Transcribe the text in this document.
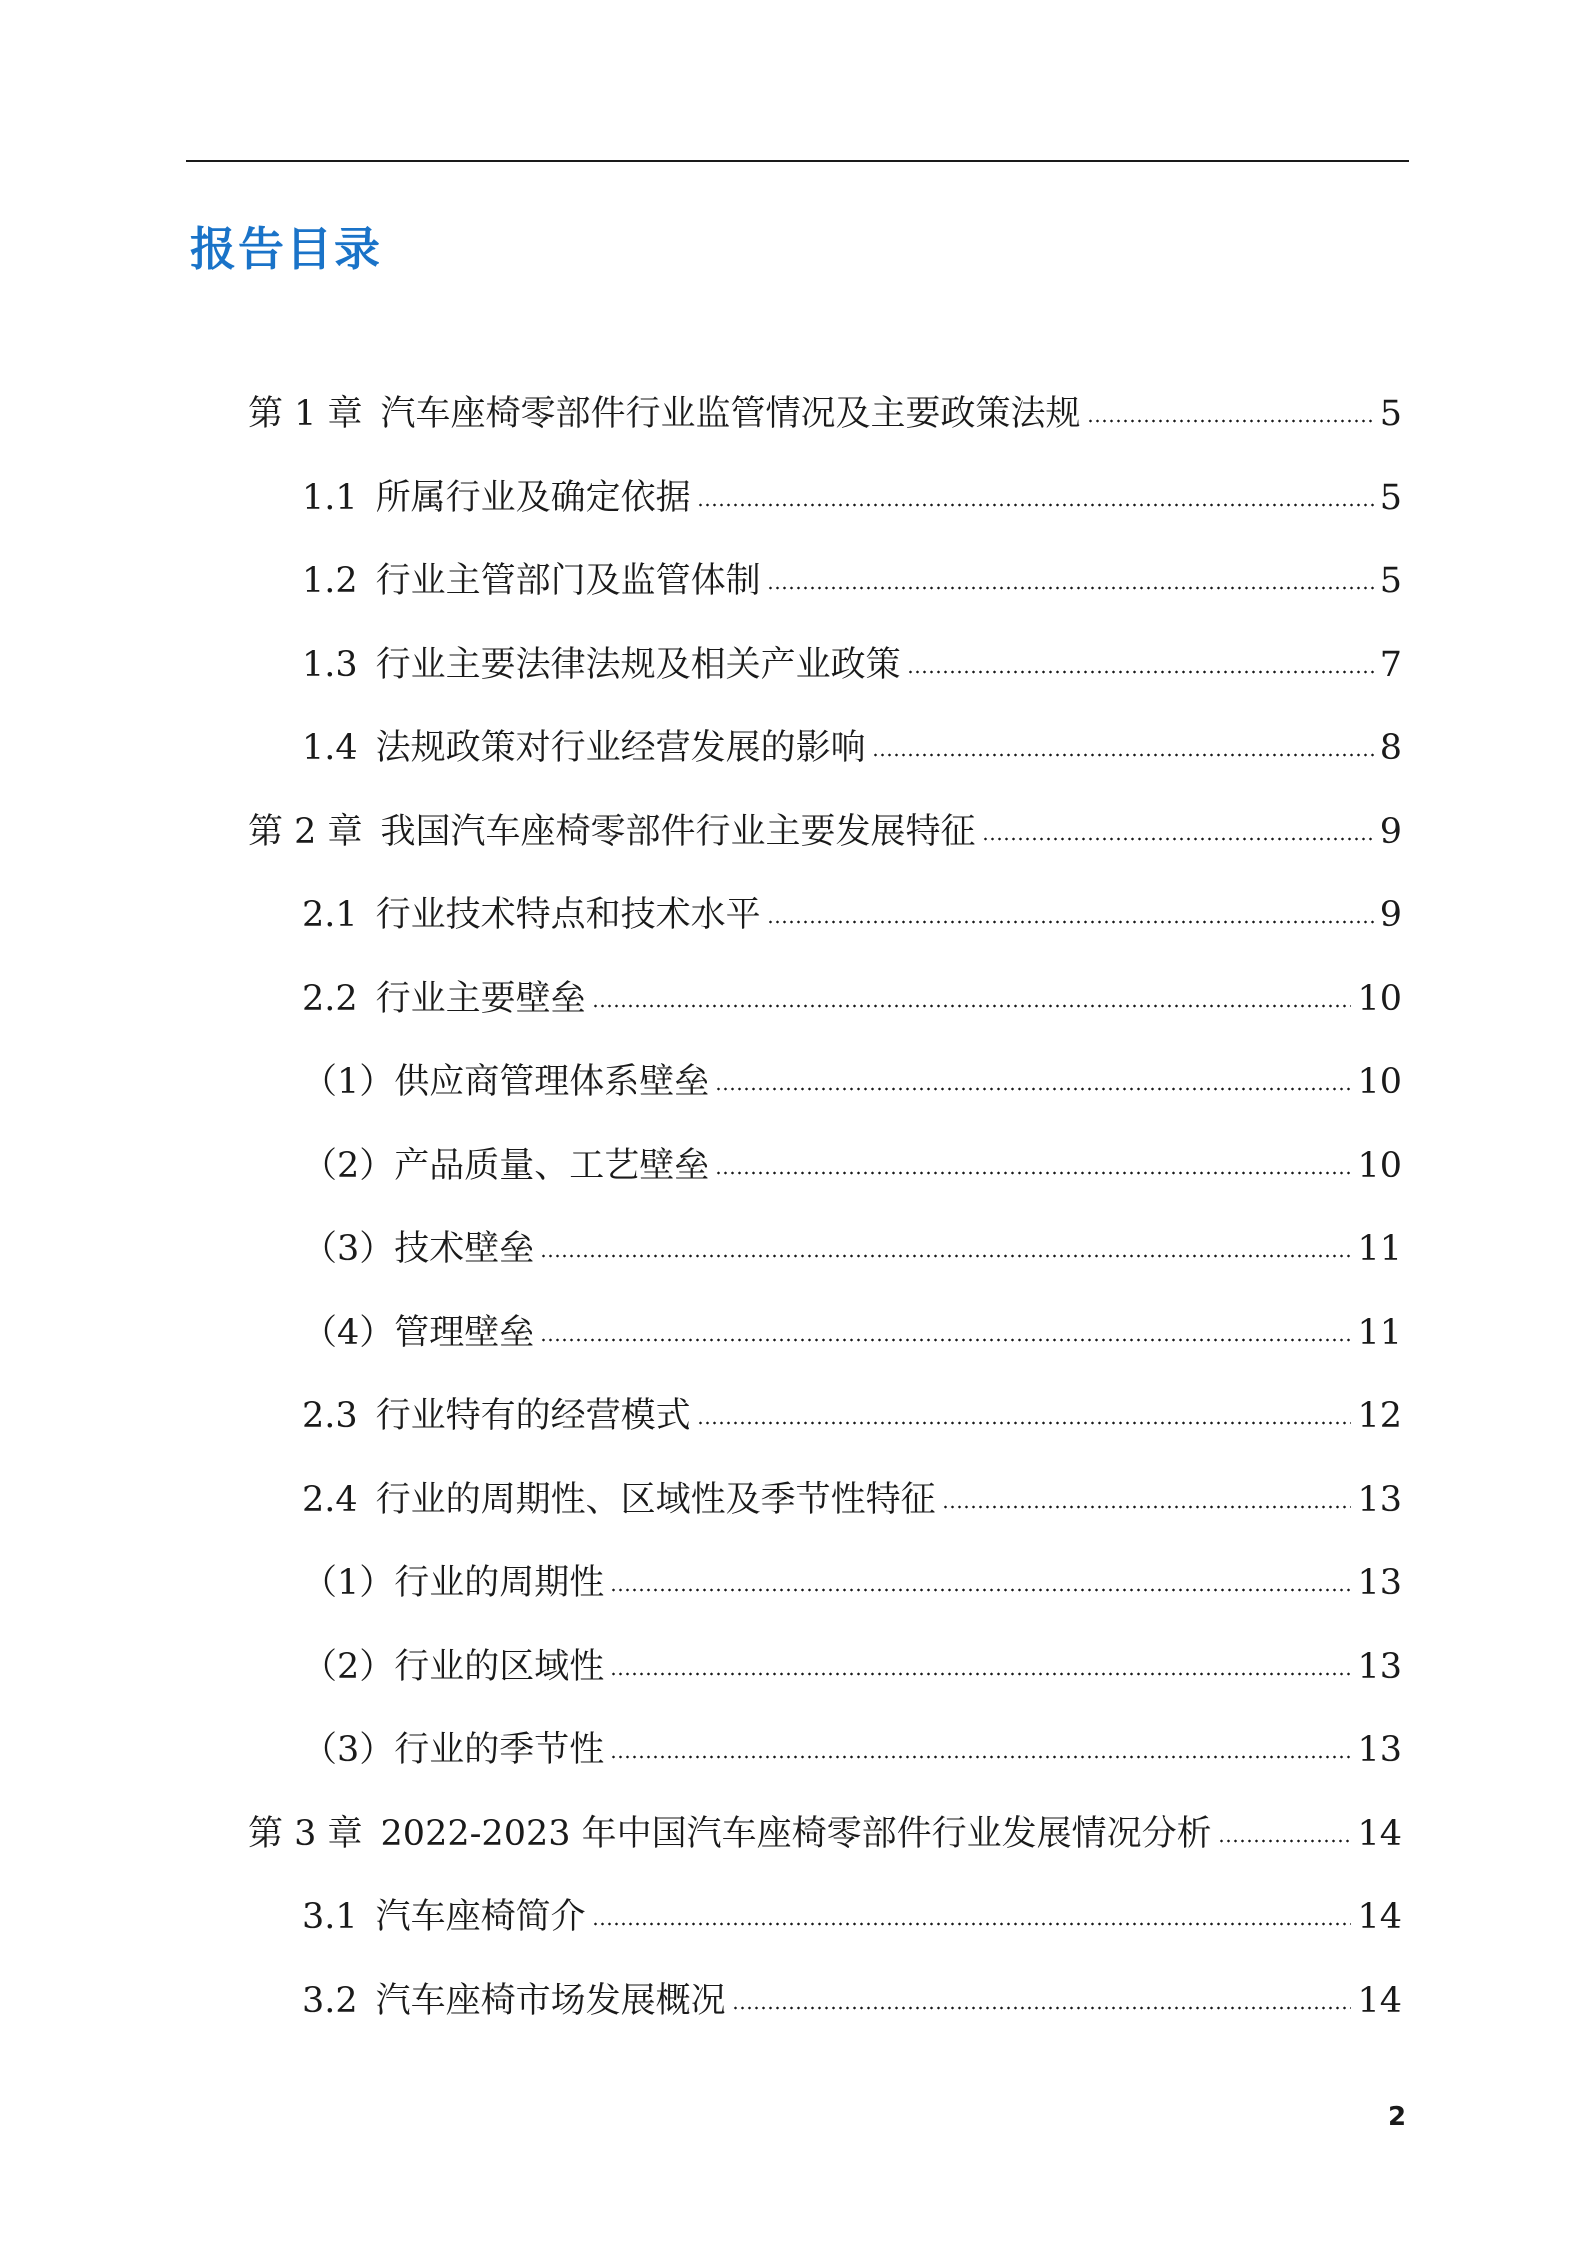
报告目录
第 1 章 汽车座椅零部件行业监管情况及主要政策法规	5
1.1 所属行业及确定依据	5
1.2 行业主管部门及监管体制	5
1.3 行业主要法律法规及相关产业政策	7
1.4 法规政策对行业经营发展的影响	8
第 2 章 我国汽车座椅零部件行业主要发展特征	9
2.1 行业技术特点和技术水平	9
2.2 行业主要壁垒	10
（1） 供应商管理体系壁垒	10
（2） 产品质量、工艺壁垒	10
（3） 技术壁垒	11
（4） 管理壁垒	11
2.3 行业特有的经营模式	12
2.4 行业的周期性、区域性及季节性特征	13
（1） 行业的周期性	13
（2） 行业的区域性	13
（3） 行业的季节性	13
第 3 章 2022-2023 年中国汽车座椅零部件行业发展情况分析	14
3.1 汽车座椅简介	14
3.2 汽车座椅市场发展概况	14
2
